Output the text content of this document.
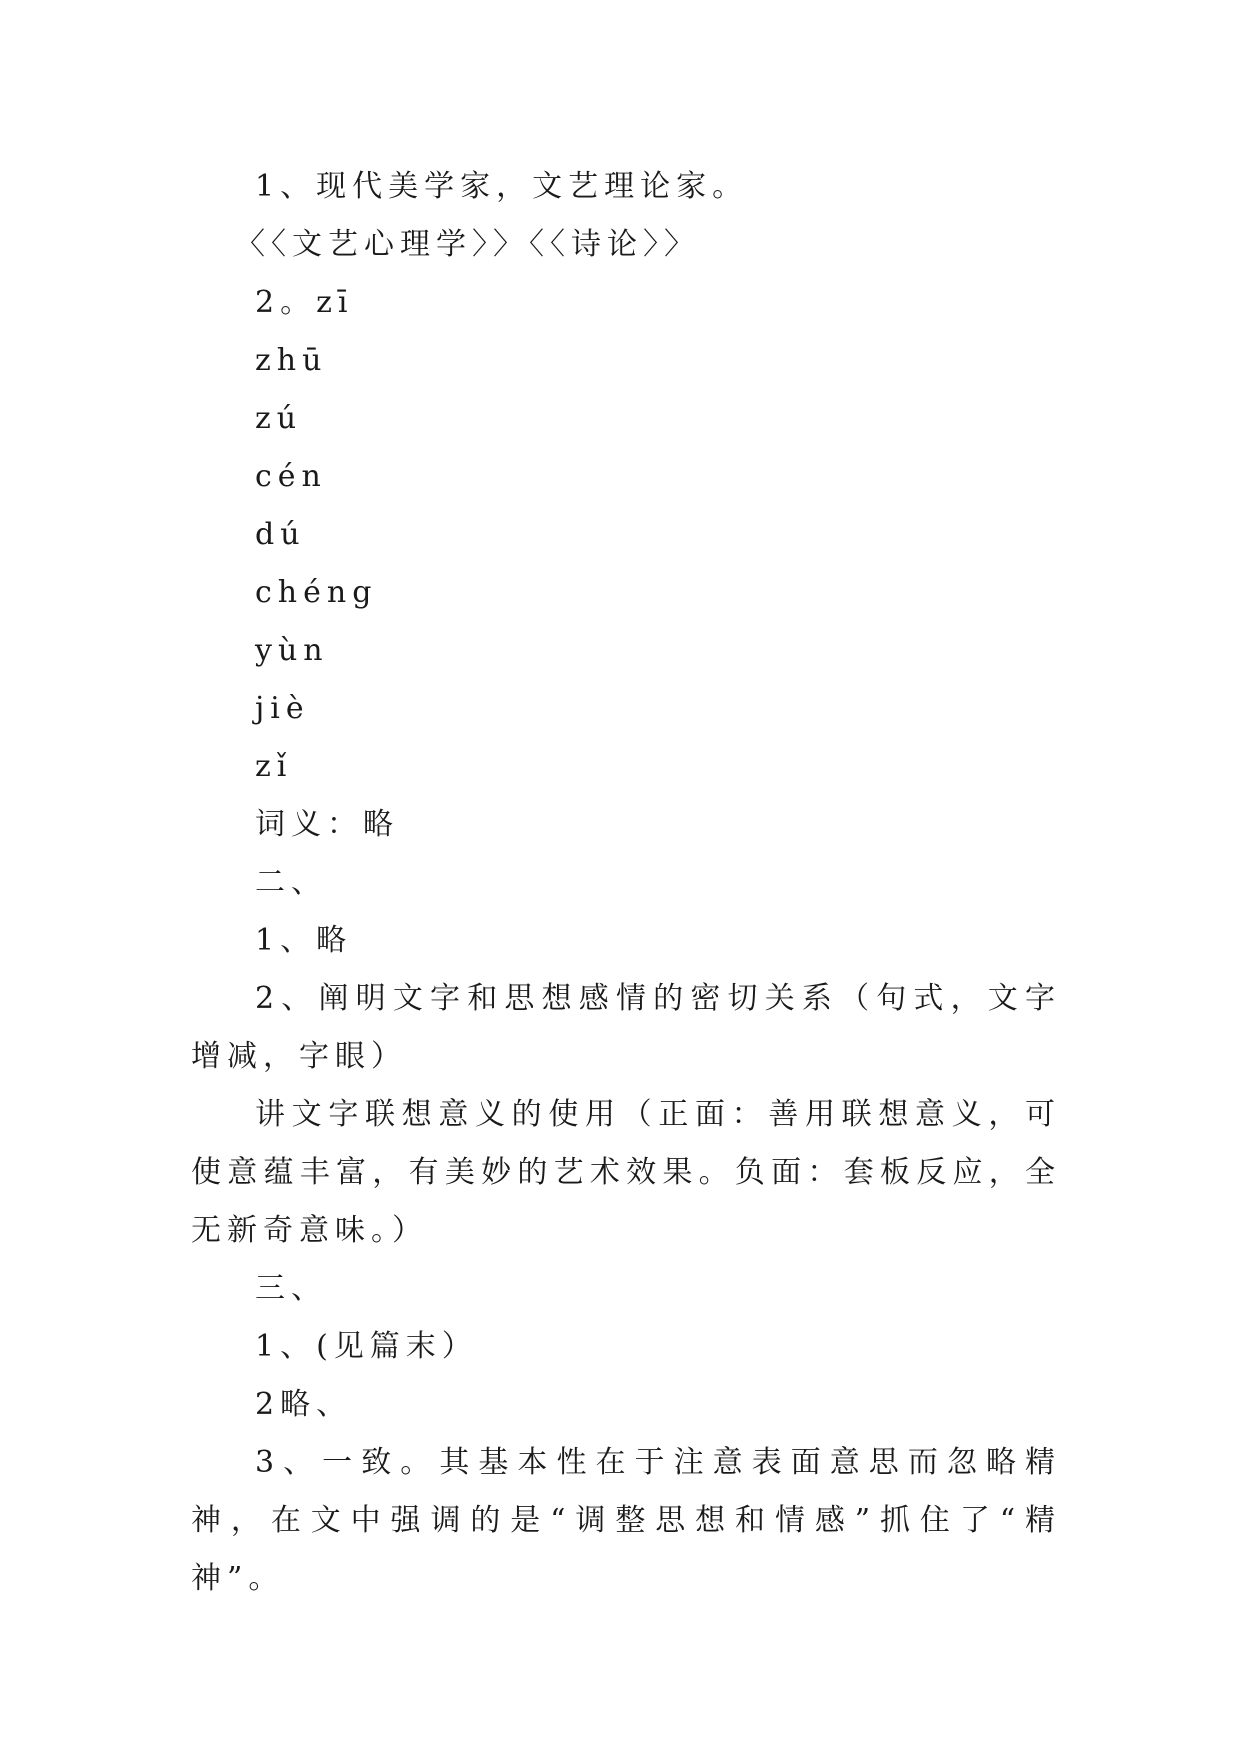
1、现代美学家，文艺理论家。
〈〈文艺心理学〉〉〈〈诗论〉〉
2。zī
zhū
zú
cén
dú
chéng
yùn
jiè
zǐ
词义：略
二、
1、略

2、阐明文字和思想感情的密切关系（句式，文字增减，字眼）

讲文字联想意义的使用（正面：善用联想意义，可使意蕴丰富，有美妙的艺术效果。负面：套板反应，全无新奇意味。）

三、
1、(见篇末）
2略、

3、一致。其基本性在于注意表面意思而忽略精神，在文中强调的是“调整思想和情感”抓住了“精神”。
